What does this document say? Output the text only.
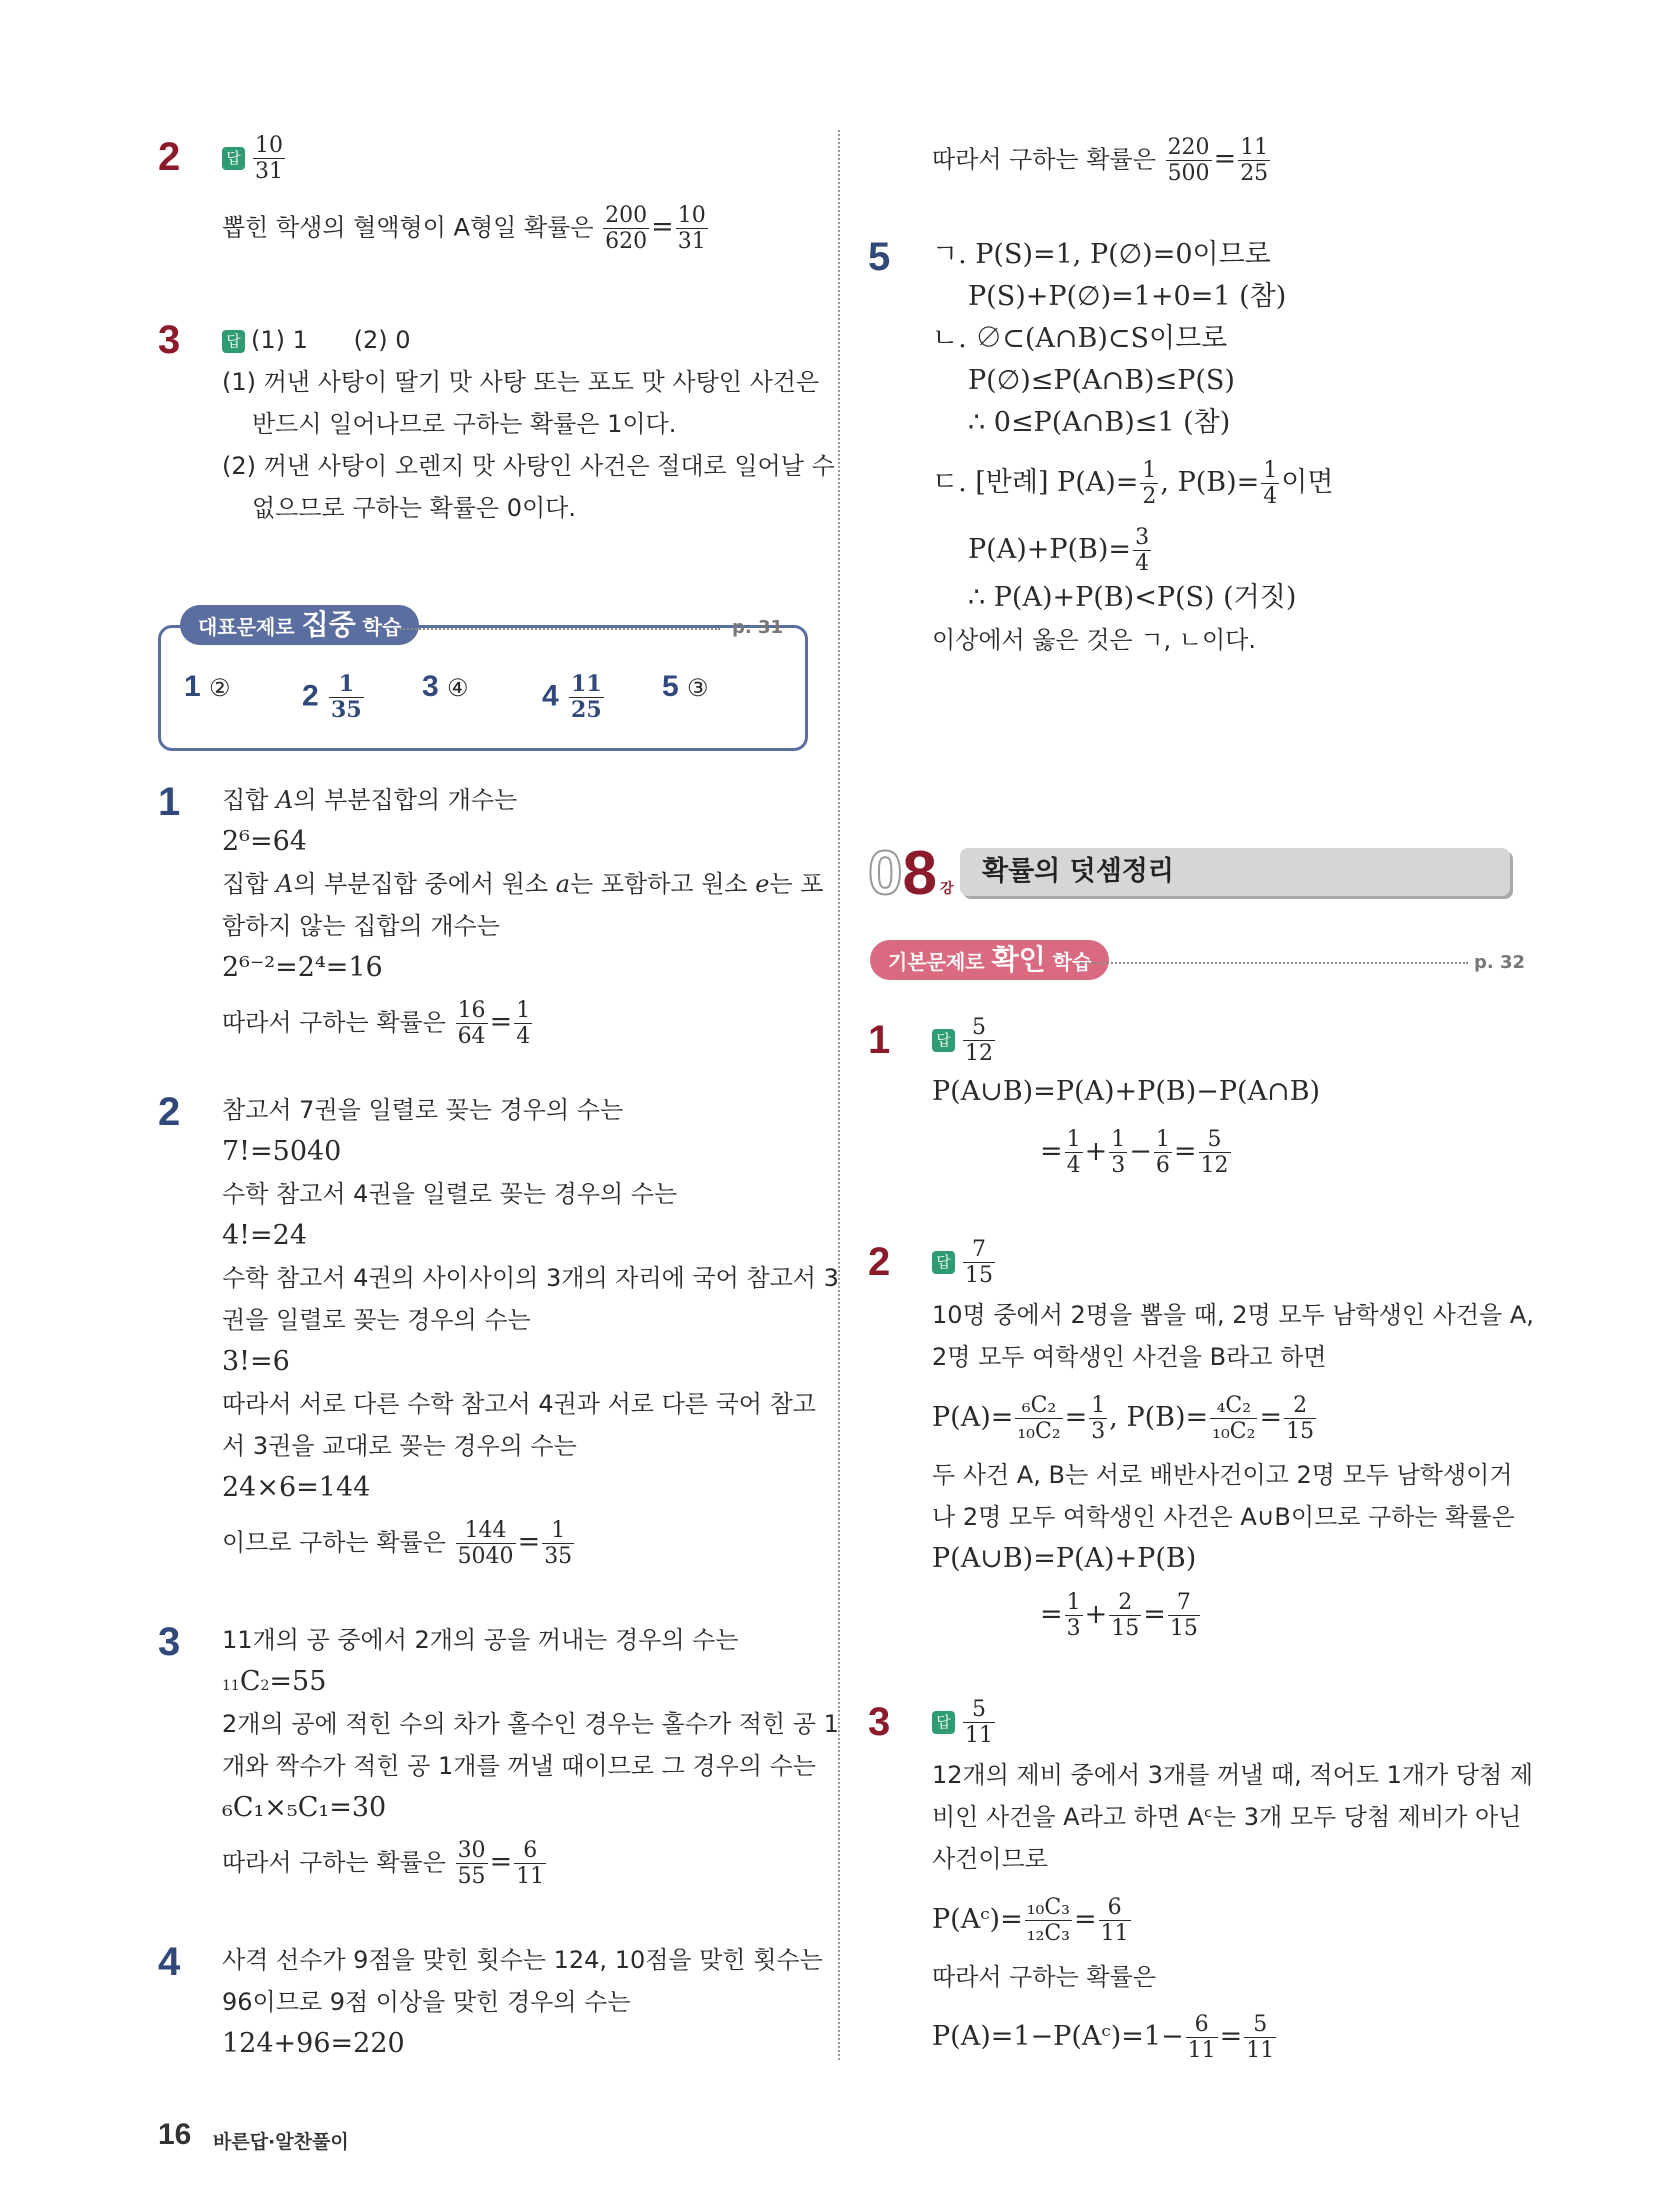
2	답 $\frac{10}{31}$
뽑힌 학생의 혈액형이 A형일 확률은 $\frac{200}{620} = \frac{10}{31}$
3	답 (1) 1      (2) 0
(1) 꺼낸 사탕이 딸기 맛 사탕 또는 포도 맛 사탕인 사건은
반드시 일어나므로 구하는 확률은 1이다.
(2) 꺼낸 사탕이 오렌지 맛 사탕인 사건은 절대로 일어날 수
없으므로 구하는 확률은 0이다.
대표문제로 집중 학습	p. 31
1 ② $2 \frac{1}{35} 3$ ④ $4 \frac{11}{25} 5$ ③
1 집합 A의 부분집합의 개수는
2⁶=64
집합 A의 부분집합 중에서 원소 a는 포함하고 원소 e는 포
함하지 않는 집합의 개수는
2⁶⁻²=2⁴=16
따라서 구하는 확률은 $\frac{16}{64} = \frac{1}{4}$
2 참고서 7권을 일렬로 꽂는 경우의 수는
7!=5040
수학 참고서 4권을 일렬로 꽂는 경우의 수는
4!=24
수학 참고서 4권의 사이사이의 3개의 자리에 국어 참고서 3
권을 일렬로 꽂는 경우의 수는
3!=6
따라서 서로 다른 수학 참고서 4권과 서로 다른 국어 참고
서 3권을 교대로 꽂는 경우의 수는
24×6=144
이므로 구하는 확률은 $\frac{144}{5040} = \frac{1}{35}$
3 11개의 공 중에서 2개의 공을 꺼내는 경우의 수는
11C2=55
2개의 공에 적힌 수의 차가 홀수인 경우는 홀수가 적힌 공 1
개와 짝수가 적힌 공 1개를 꺼낼 때이므로 그 경우의 수는
₆C₁×₅C₁=30
따라서 구하는 확률은 $\frac{30}{55} = \frac{6}{11}$
4 사격 선수가 9점을 맞힌 횟수는 124, 10점을 맞힌 횟수는
96이므로 9점 이상을 맞힌 경우의 수는
124+96=220
따라서 구하는 확률은 $\frac{220}{500} = \frac{11}{25}$
5 ㄱ. P(S)=1, P(∅)=0이므로
P(S)+P(∅)=1+0=1 (참)
ㄴ. ∅⊂(A∩B)⊂S이므로
P(∅)≤P(A∩B)≤P(S)
∴ 0≤P(A∩B)≤1 (참)
ㄷ. [반례] $P(A)= \frac{1}{2}$ , $P(B)= \frac{1}{4}$ 이면
$P(A)+P(B)= \frac{3}{4}$
∴ P(A)+P(B)<P(S) (거짓)
이상에서 옳은 것은 ㄱ, ㄴ이다.
08 강
확률의 덧셈정리
기본문제로 확인 학습	p. 32
1	답 $\frac{5}{12}$
P(A∪B)=P(A)+P(B)−P(A∩B)
= $\frac{1}{4} + \frac{1}{3} - \frac{1}{6} = \frac{5}{12}$
2	답 $\frac{7}{15}$
10명 중에서 2명을 뽑을 때, 2명 모두 남학생인 사건을 A,
2명 모두 여학생인 사건을 B라고 하면
$P(A)= \frac{\text{₆C₂}}{\text{₁₀C₂}} = \frac{1}{3}$ , $P(B)= \frac{\text{₄C₂}}{\text{₁₀C₂}} = \frac{2}{15}$
두 사건 A, B는 서로 배반사건이고 2명 모두 남학생이거
나 2명 모두 여학생인 사건은 A∪B이므로 구하는 확률은
P(A∪B)=P(A)+P(B)
= $\frac{1}{3} + \frac{2}{15} = \frac{7}{15}$
3	답 $\frac{5}{11}$
12개의 제비 중에서 3개를 꺼낼 때, 적어도 1개가 당첨 제
비인 사건을 A라고 하면 Aᶜ는 3개 모두 당첨 제비가 아닌
사건이므로
P(Aᶜ)= $\frac{\text{₁₀C₃}}{\text{₁₂C₃}} = \frac{6}{11}$
따라서 구하는 확률은
P(A)=1−P(Aᶜ)=1− $\frac{6}{11} = \frac{5}{11}$
16 바른답·알찬풀이
